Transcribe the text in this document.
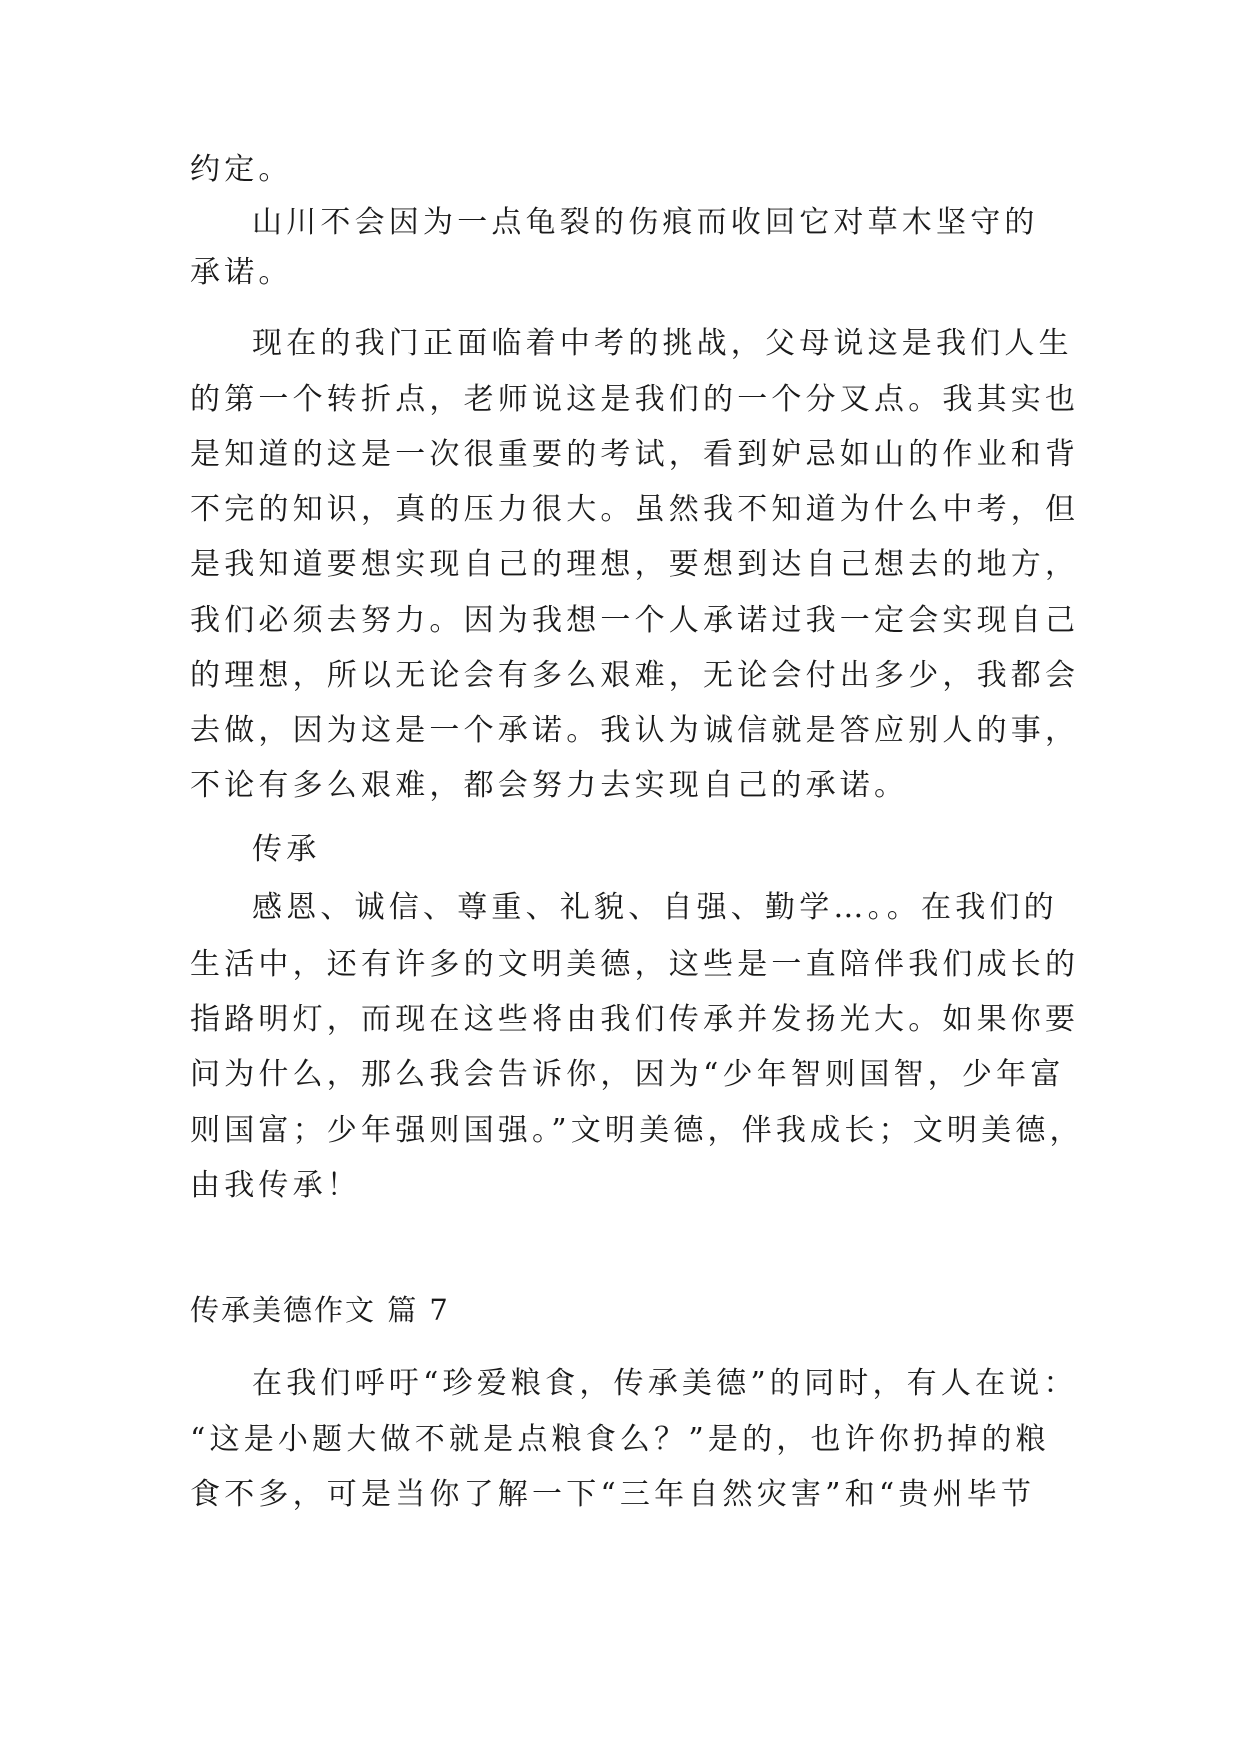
约定。
山川不会因为一点龟裂的伤痕而收回它对草木坚守的
承诺。
现在的我门正面临着中考的挑战，父母说这是我们人生
的第一个转折点，老师说这是我们的一个分叉点。我其实也
是知道的这是一次很重要的考试，看到妒忌如山的作业和背
不完的知识，真的压力很大。虽然我不知道为什么中考，但
是我知道要想实现自己的理想，要想到达自己想去的地方，
我们必须去努力。因为我想一个人承诺过我一定会实现自己
的理想，所以无论会有多么艰难，无论会付出多少，我都会
去做，因为这是一个承诺。我认为诚信就是答应别人的事，
不论有多么艰难，都会努力去实现自己的承诺。
传承
感恩、诚信、尊重、礼貌、自强、勤学…。。在我们的
生活中，还有许多的文明美德，这些是一直陪伴我们成长的
指路明灯，而现在这些将由我们传承并发扬光大。如果你要
问为什么，那么我会告诉你，因为“少年智则国智，少年富
则国富；少年强则国强。”文明美德，伴我成长；文明美德，
由我传承！
传承美德作文 篇 7
在我们呼吁“珍爱粮食，传承美德”的同时，有人在说：
“这是小题大做不就是点粮食么？”是的，也许你扔掉的粮
食不多，可是当你了解一下“三年自然灾害”和“贵州毕节
